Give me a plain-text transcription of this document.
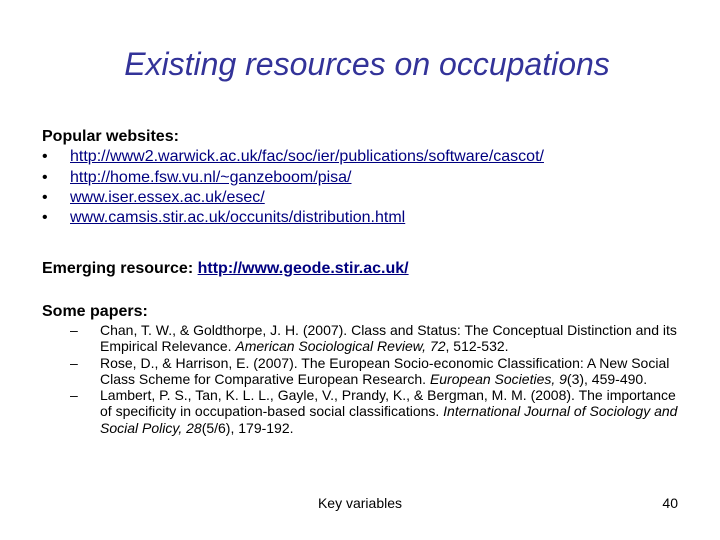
Existing resources on occupations
Popular websites:
•	http://www2.warwick.ac.uk/fac/soc/ier/publications/software/cascot/
•	http://home.fsw.vu.nl/~ganzeboom/pisa/
•	www.iser.essex.ac.uk/esec/
•	www.camsis.stir.ac.uk/occunits/distribution.html
Emerging resource: http://www.geode.stir.ac.uk/
Some papers:
–	Chan, T. W., & Goldthorpe, J. H. (2007). Class and Status: The Conceptual Distinction and its Empirical Relevance. American Sociological Review, 72, 512-532.
–	Rose, D., & Harrison, E. (2007). The European Socio-economic Classification: A New Social Class Scheme for Comparative European Research. European Societies, 9(3), 459-490.
–	Lambert, P. S., Tan, K. L. L., Gayle, V., Prandy, K., & Bergman, M. M. (2008). The importance of specificity in occupation-based social classifications. International Journal of Sociology and Social Policy, 28(5/6), 179-192.
Key variables	40
